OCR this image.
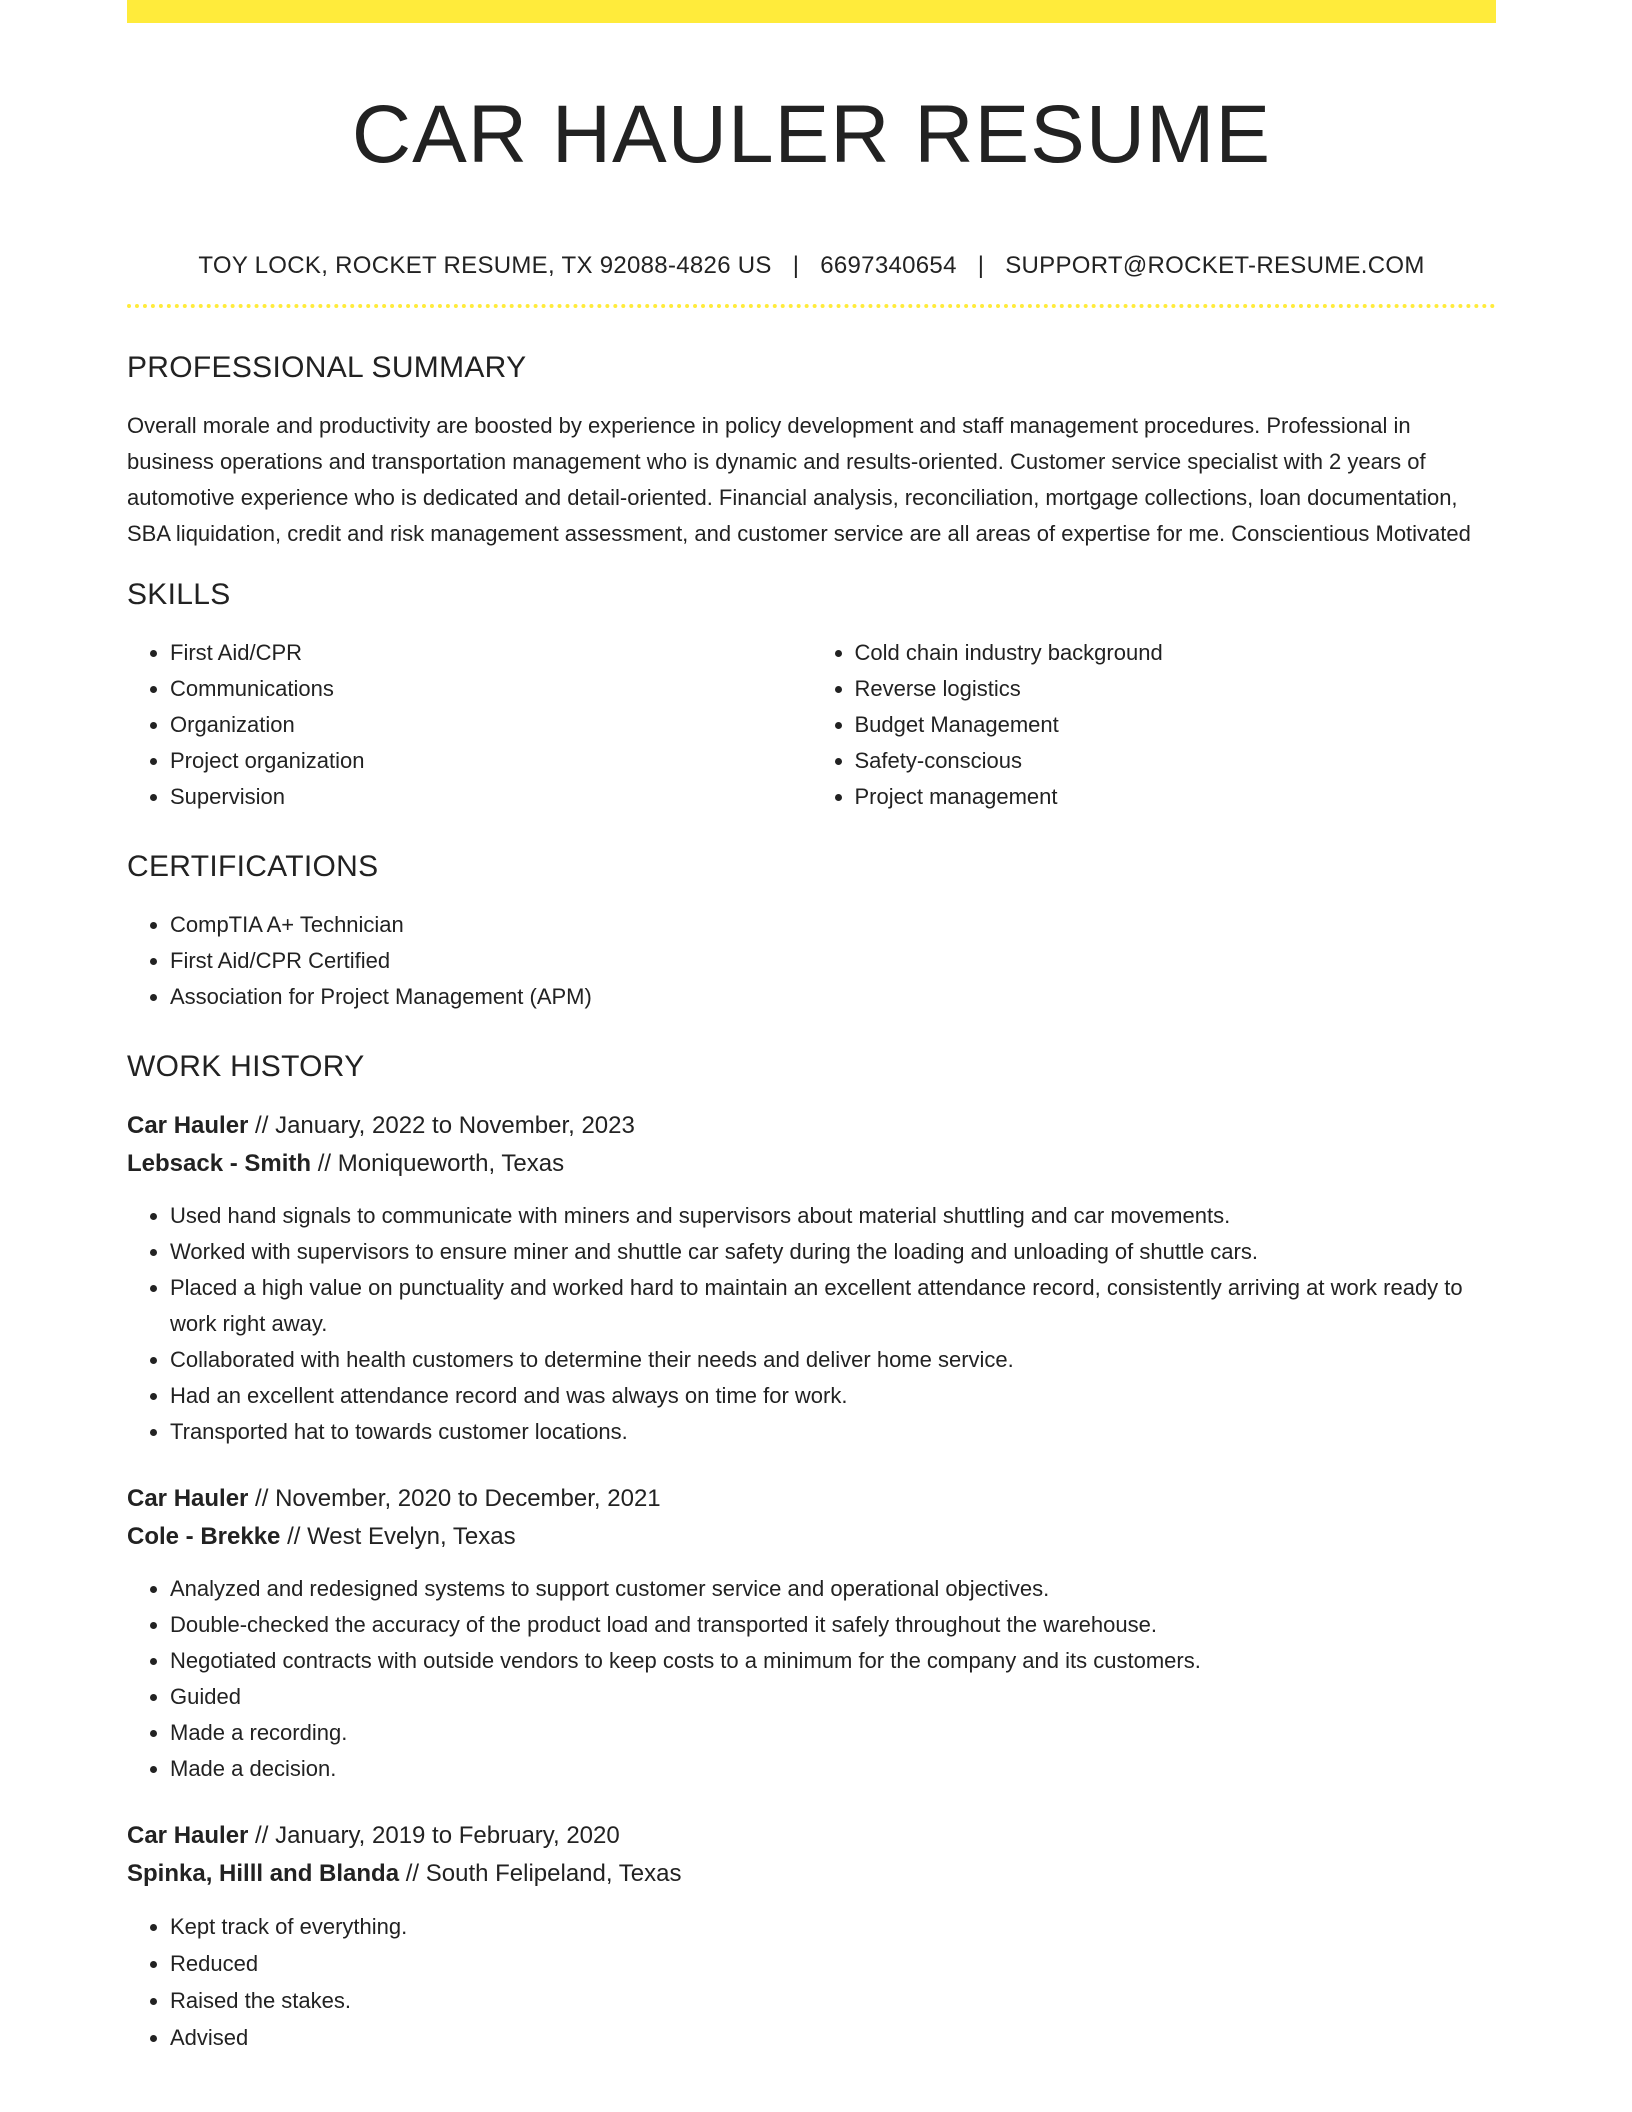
CAR HAULER RESUME
TOY LOCK, ROCKET RESUME, TX 92088-4826 US | 6697340654 | SUPPORT@ROCKET-RESUME.COM
PROFESSIONAL SUMMARY
Overall morale and productivity are boosted by experience in policy development and staff management procedures. Professional in business operations and transportation management who is dynamic and results-oriented. Customer service specialist with 2 years of automotive experience who is dedicated and detail-oriented. Financial analysis, reconciliation, mortgage collections, loan documentation, SBA liquidation, credit and risk management assessment, and customer service are all areas of expertise for me. Conscientious Motivated
SKILLS
• First Aid/CPR
• Communications
• Organization
• Project organization
• Supervision
• Cold chain industry background
• Reverse logistics
• Budget Management
• Safety-conscious
• Project management
CERTIFICATIONS
• CompTIA A+ Technician
• First Aid/CPR Certified
• Association for Project Management (APM)
WORK HISTORY
Car Hauler // January, 2022 to November, 2023
Lebsack - Smith // Moniqueworth, Texas
• Used hand signals to communicate with miners and supervisors about material shuttling and car movements.
• Worked with supervisors to ensure miner and shuttle car safety during the loading and unloading of shuttle cars.
• Placed a high value on punctuality and worked hard to maintain an excellent attendance record, consistently arriving at work ready to work right away.
• Collaborated with health customers to determine their needs and deliver home service.
• Had an excellent attendance record and was always on time for work.
• Transported hat to towards customer locations.
Car Hauler // November, 2020 to December, 2021
Cole - Brekke // West Evelyn, Texas
• Analyzed and redesigned systems to support customer service and operational objectives.
• Double-checked the accuracy of the product load and transported it safely throughout the warehouse.
• Negotiated contracts with outside vendors to keep costs to a minimum for the company and its customers.
• Guided
• Made a recording.
• Made a decision.
Car Hauler // January, 2019 to February, 2020
Spinka, Hilll and Blanda // South Felipeland, Texas
• Kept track of everything.
• Reduced
• Raised the stakes.
• Advised
